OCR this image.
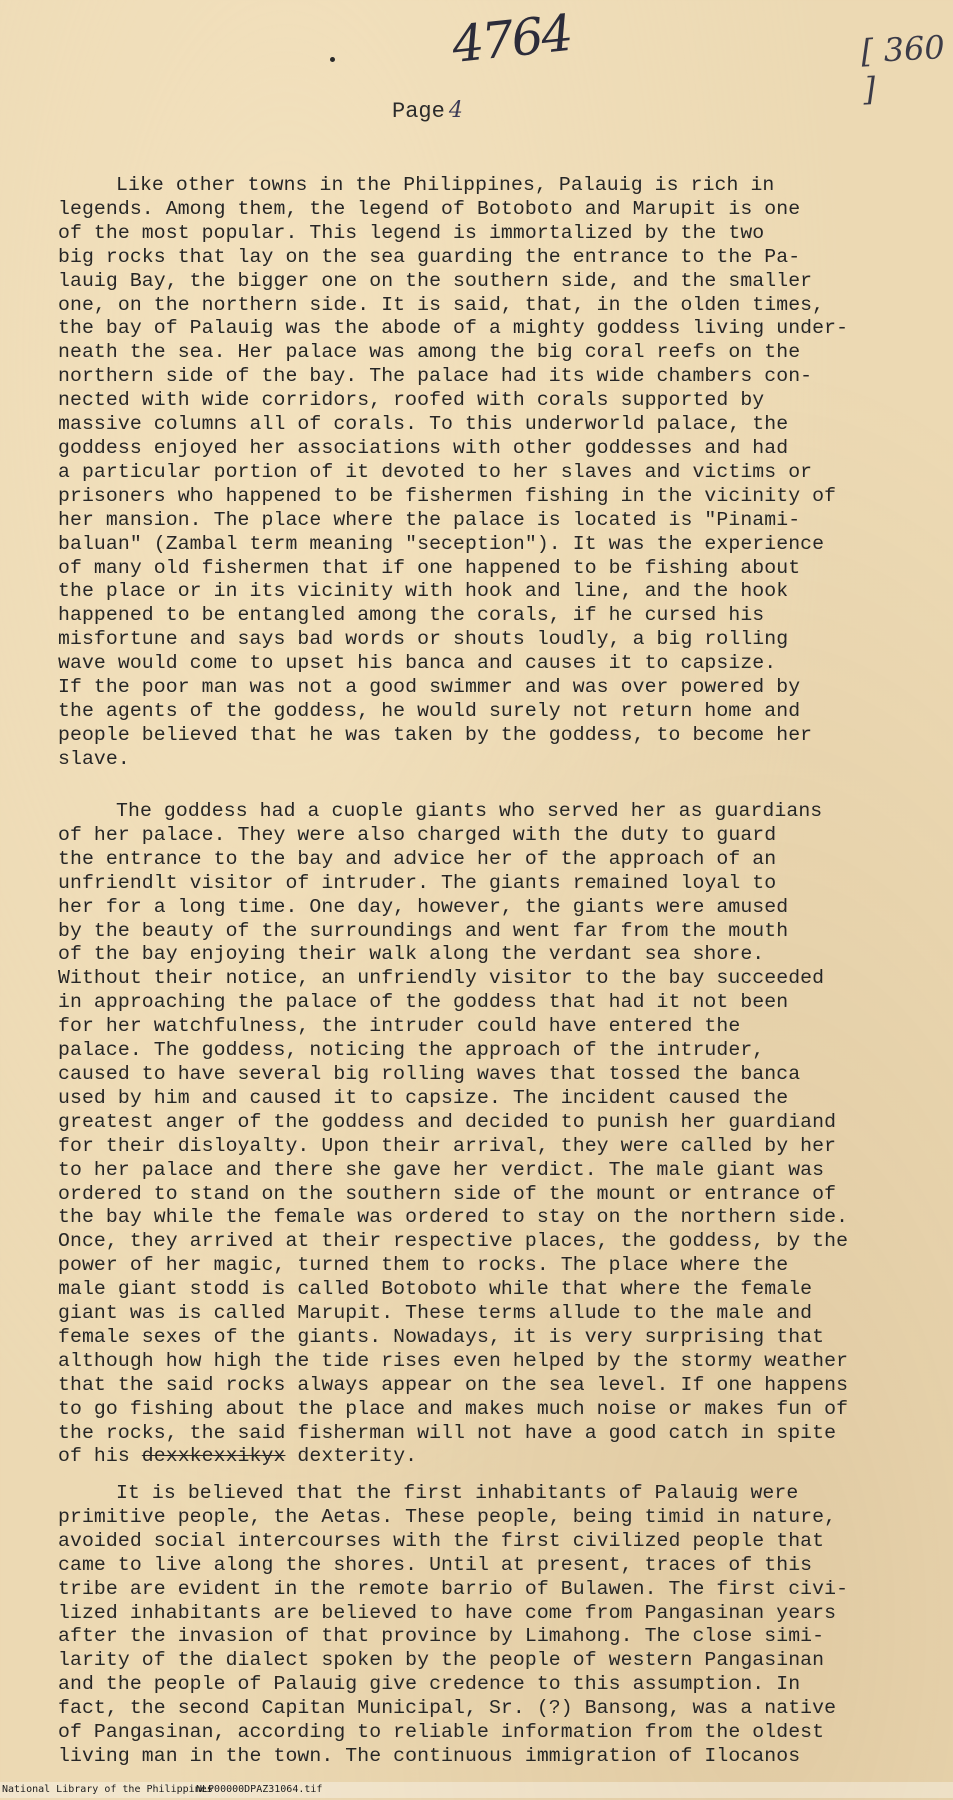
4764	[ 360 ]
Page 4
Like other towns in the Philippines, Palauig is rich in
legends. Among them, the legend of Botoboto and Marupit is one
of the most popular. This legend is immortalized by the two
big rocks that lay on the sea guarding the entrance to the Pa-
lauig Bay, the bigger one on the southern side, and the smaller
one, on the northern side. It is said, that, in the olden times,
the bay of Palauig was the abode of a mighty goddess living under-
neath the sea. Her palace was among the big coral reefs on the
northern side of the bay. The palace had its wide chambers con-
nected with wide corridors, roofed with corals supported by
massive columns all of corals. To this underworld palace, the
goddess enjoyed her associations with other goddesses and had
a particular portion of it devoted to her slaves and victims or
prisoners who happened to be fishermen fishing in the vicinity of
her mansion. The place where the palace is located is "Pinami-
baluan" (Zambal term meaning "seception"). It was the experience
of many old fishermen that if one happened to be fishing about
the place or in its vicinity with hook and line, and the hook
happened to be entangled among the corals, if he cursed his
misfortune and says bad words or shouts loudly, a big rolling
wave would come to upset his banca and causes it to capsize.
If the poor man was not a good swimmer and was over powered by
the agents of the goddess, he would surely not return home and
people believed that he was taken by the goddess, to become her
slave.
The goddess had a cuople giants who served her as guardians
of her palace. They were also charged with the duty to guard
the entrance to the bay and advice her of the approach of an
unfriendlt visitor of intruder. The giants remained loyal to
her for a long time. One day, however, the giants were amused
by the beauty of the surroundings and went far from the mouth
of the bay enjoying their walk along the verdant sea shore.
Without their notice, an unfriendly visitor to the bay succeeded
in approaching the palace of the goddess that had it not been
for her watchfulness, the intruder could have entered the
palace. The goddess, noticing the approach of the intruder,
caused to have several big rolling waves that tossed the banca
used by him and caused it to capsize. The incident caused the
greatest anger of the goddess and decided to punish her guardiand
for their disloyalty. Upon their arrival, they were called by her
to her palace and there she gave her verdict. The male giant was
ordered to stand on the southern side of the mount or entrance of
the bay while the female was ordered to stay on the northern side.
Once, they arrived at their respective places, the goddess, by the
power of her magic, turned them to rocks. The place where the
male giant stodd is called Botoboto while that where the female
giant was is called Marupit. These terms allude to the male and
female sexes of the giants. Nowadays, it is very surprising that
although how high the tide rises even helped by the stormy weather
that the said rocks always appear on the sea level. If one happens
to go fishing about the place and makes much noise or makes fun of
the rocks, the said fisherman will not have a good catch in spite
of his dexxkexxikyx dexterity.
It is believed that the first inhabitants of Palauig were
primitive people, the Aetas. These people, being timid in nature,
avoided social intercourses with the first civilized people that
came to live along the shores. Until at present, traces of this
tribe are evident in the remote barrio of Bulawen. The first civi-
lized inhabitants are believed to have come from Pangasinan years
after the invasion of that province by Limahong. The close simi-
larity of the dialect spoken by the people of western Pangasinan
and the people of Palauig give credence to this assumption. In
fact, the second Capitan Municipal, Sr. (?) Bansong, was a native
of Pangasinan, according to reliable information from the oldest
living man in the town. The continuous immigration of Ilocanos
National Library of the Philippines
NLP00000DPAZ31064.tif
